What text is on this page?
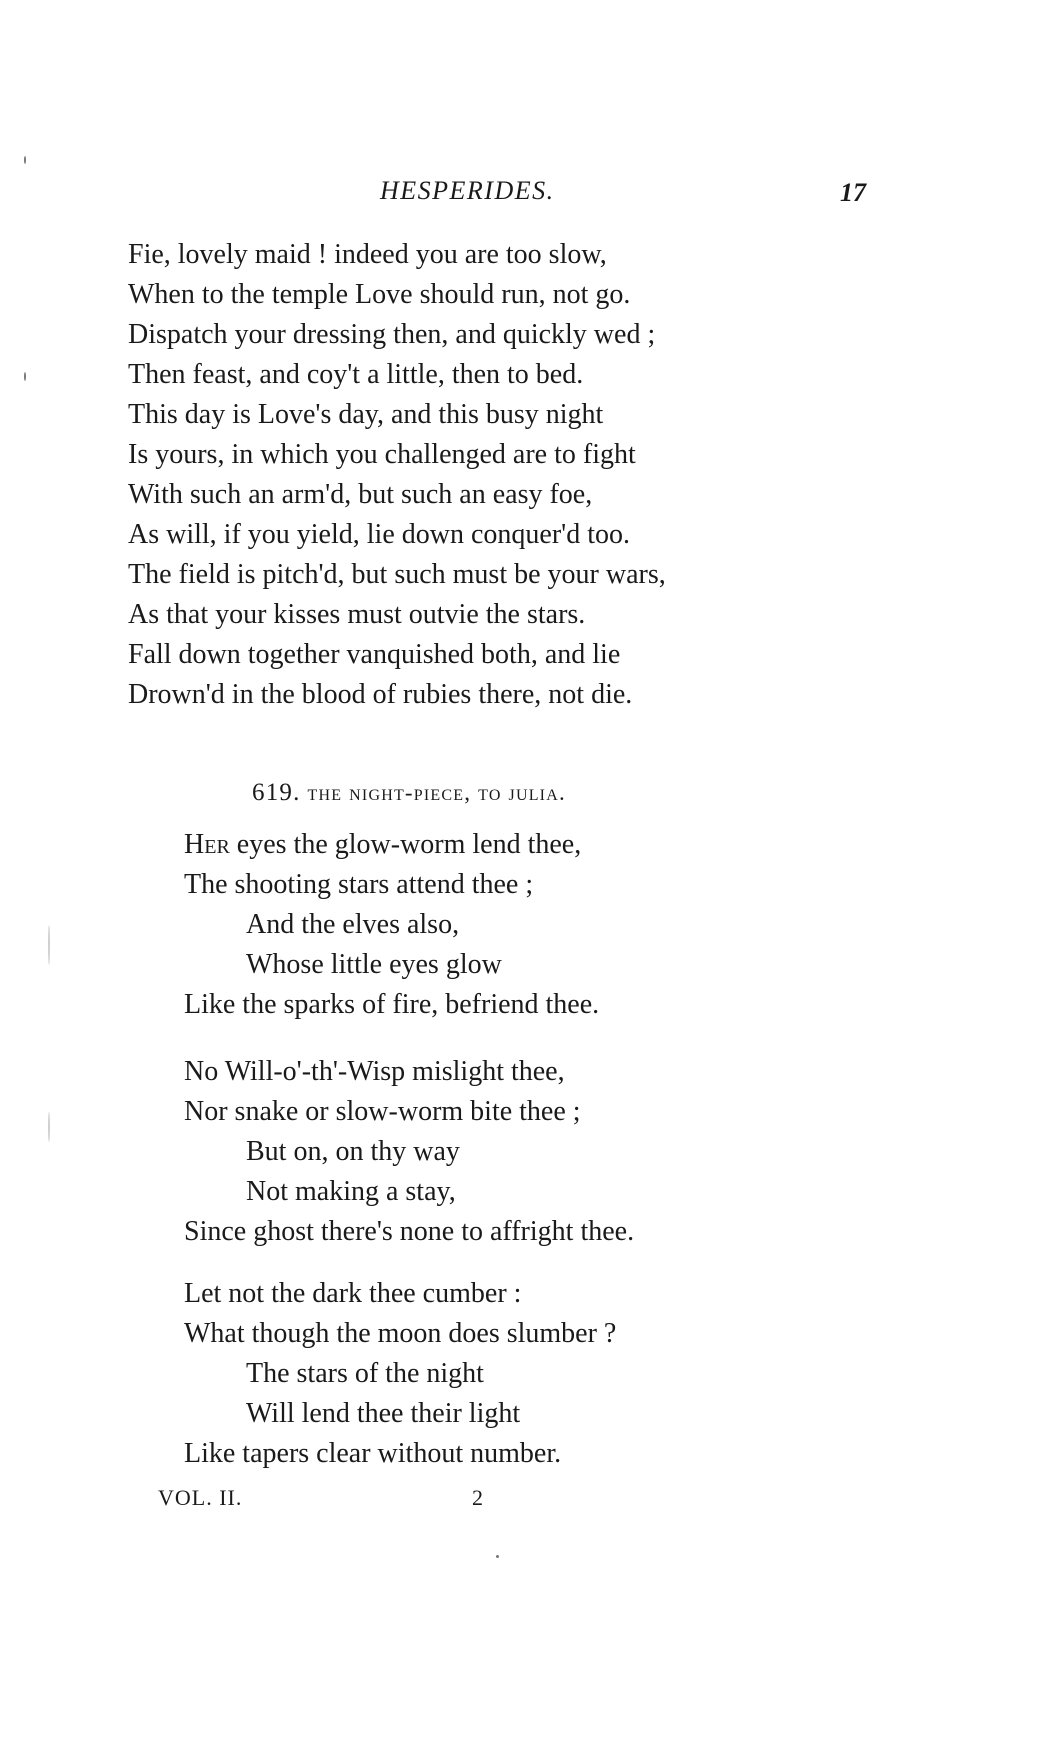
HESPERIDES.	17
Fie, lovely maid ! indeed you are too slow,
When to the temple Love should run, not go.
Dispatch your dressing then, and quickly wed ;
Then feast, and coy't a little, then to bed.
This day is Love's day, and this busy night
Is yours, in which you challenged are to fight
With such an arm'd, but such an easy foe,
As will, if you yield, lie down conquer'd too.
The field is pitch'd, but such must be your wars,
As that your kisses must outvie the stars.
Fall down together vanquished both, and lie
Drown'd in the blood of rubies there, not die.
619. the night-piece, to julia.
Her eyes the glow-worm lend thee,
The shooting stars attend thee ;
And the elves also,
Whose little eyes glow
Like the sparks of fire, befriend thee.
No Will-o'-th'-Wisp mislight thee,
Nor snake or slow-worm bite thee ;
But on, on thy way
Not making a stay,
Since ghost there's none to affright thee.
Let not the dark thee cumber :
What though the moon does slumber ?
The stars of the night
Will lend thee their light
Like tapers clear without number.
VOL. II.	2
